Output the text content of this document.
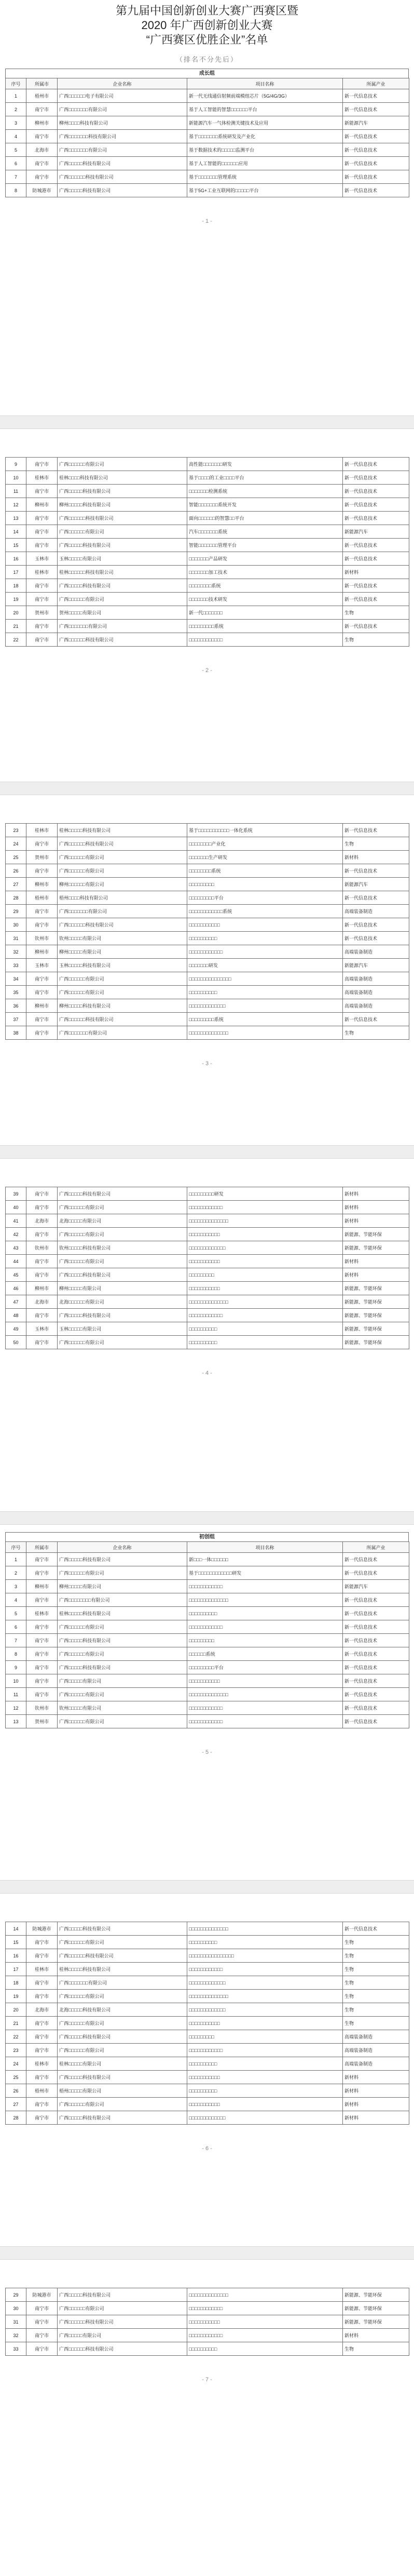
第九届中国创新创业大赛广西赛区暨
2020 年广西创新创业大赛
“广西赛区优胜企业”名单
（排名不分先后）
成长组
序号	所属市	企业名称	项目名称	所属产业
1	梧州市	广西□□□□□□电子有限公司	新一代无线通信射频前端模组芯片（5G/4G/3G）	新一代信息技术
2	南宁市	广西□□□□□□□有限公司	基于人工智能的智慧□□□□□□平台	新一代信息技术
3	柳州市	柳州□□□□科技有限公司	新能源汽车一气体检测关键技术及应用	新能源汽车
4	南宁市	广西□□□□□□□科技有限公司	基于□□□□□□□系统研发及产业化	新一代信息技术
5	北海市	广西□□□□□□□有限公司	基于数据技术的□□□□□监测平台	新一代信息技术
6	南宁市	广西□□□□□科技有限公司	基于人工智能的□□□□□□应用	新一代信息技术
7	南宁市	广西□□□□□□科技有限公司	基于□□□□□□□管理系统	新一代信息技术
8	防城港市	广西□□□□□科技有限公司	基于5G+工业互联网的□□□□□平台	新一代信息技术
- 1 -
9	南宁市	广西□□□□□□有限公司	高性能□□□□□□□研发	新一代信息技术
10	桂林市	桂林□□□□科技有限公司	基于□□□□的工业□□□□平台	新一代信息技术
11	南宁市	广西□□□□□科技有限公司	□□□□□□□检测系统	新一代信息技术
12	柳州市	柳州□□□□□科技有限公司	智能□□□□□□□系统开发	新一代信息技术
13	南宁市	广西□□□□□□科技有限公司	面向□□□□□□的智慧□□平台	新一代信息技术
14	南宁市	广西□□□□□□有限公司	汽车□□□□□□□系统	新能源汽车
15	南宁市	广西□□□□□科技有限公司	智能□□□□□□□管理平台	新一代信息技术
16	玉林市	玉林□□□□□有限公司	□□□□□□□产品研发	新一代信息技术
17	桂林市	桂林□□□□□□科技有限公司	□□□□□□□加工技术	新材料
18	南宁市	广西□□□□□科技有限公司	□□□□□□□□系统	新一代信息技术
19	南宁市	广西□□□□□□有限公司	□□□□□□□技术研发	新一代信息技术
20	贺州市	贺州□□□□□有限公司	新一代□□□□□□□	生物
21	南宁市	广西□□□□□□□有限公司	□□□□□□□□□系统	新一代信息技术
22	南宁市	广西□□□□□□科技有限公司	□□□□□□□□□□□□	生物
- 2 -
23	桂林市	桂林□□□□□科技有限公司	基于□□□□□□□□□□□一体化系统	新一代信息技术
24	南宁市	广西□□□□□□科技有限公司	□□□□□□□□产业化	生物
25	贺州市	广西□□□□□□有限公司	□□□□□□□生产研发	新材料
26	南宁市	广西□□□□□□有限公司	□□□□□□□□系统	新一代信息技术
27	柳州市	柳州□□□□□□有限公司	□□□□□□□□□	新能源汽车
28	梧州市	梧州□□□□科技有限公司	□□□□□□□□□平台	新一代信息技术
29	南宁市	广西□□□□□□□有限公司	□□□□□□□□□□□□系统	高端装备制造
30	南宁市	广西□□□□□□科技有限公司	□□□□□□□□□□□	新一代信息技术
31	钦州市	钦州□□□□□有限公司	□□□□□□□□□□	新一代信息技术
32	柳州市	柳州□□□□□有限公司	□□□□□□□□□□□□	高端装备制造
33	玉林市	玉林□□□□□科技有限公司	□□□□□□□研发	新能源汽车
34	南宁市	广西□□□□□□有限公司	□□□□□□□□□□□□□□□	高端装备制造
35	南宁市	广西□□□□□□有限公司	□□□□□□□□□□	高端装备制造
36	柳州市	柳州□□□□□科技有限公司	□□□□□□□□□□□□□	高端装备制造
37	南宁市	广西□□□□□□科技有限公司	□□□□□□□□□系统	新一代信息技术
38	南宁市	广西□□□□□□□有限公司	□□□□□□□□□□□□□□	生物
- 3 -
39	南宁市	广西□□□□□科技有限公司	□□□□□□□□□研发	新材料
40	南宁市	广西□□□□□□有限公司	□□□□□□□□□□□□	新材料
41	北海市	北海□□□□□有限公司	□□□□□□□□□□□□□□	新材料
42	南宁市	广西□□□□□□有限公司	□□□□□□□□□□□	新能源、节能环保
43	钦州市	钦州□□□□□科技有限公司	□□□□□□□□□□□□□	新能源、节能环保
44	南宁市	广西□□□□□□有限公司	□□□□□□□□□□□	新材料
45	南宁市	广西□□□□□科技有限公司	□□□□□□□□□	新材料
46	柳州市	柳州□□□□□有限公司	□□□□□□□□□□□	新能源、节能环保
47	北海市	北海□□□□□□有限公司	□□□□□□□□□□□□□□	新能源、节能环保
48	南宁市	广西□□□□□科技有限公司	□□□□□□□□□□□□	新能源、节能环保
49	玉林市	玉林□□□□□有限公司	□□□□□□□□□□	新能源、节能环保
50	南宁市	广西□□□□□□有限公司	□□□□□□□□□□	新能源、节能环保
- 4 -
初创组
序号	所属市	企业名称	项目名称	所属产业
1	南宁市	广西□□□□□科技有限公司	新□□□一体□□□□□□	新一代信息技术
2	南宁市	广西□□□□□□有限公司	基于□□□□□□□□□□□□研发	新一代信息技术
3	柳州市	柳州□□□□□有限公司	□□□□□□□□□□□□	新能源汽车
4	南宁市	广西□□□□□□□□有限公司	□□□□□□□□□□□□□□	新一代信息技术
5	桂林市	桂林□□□□□科技有限公司	□□□□□□□□□□	新一代信息技术
6	南宁市	广西□□□□□□有限公司	□□□□□□□□□□□□	新一代信息技术
7	南宁市	广西□□□□□科技有限公司	□□□□□□□□□	新一代信息技术
8	南宁市	广西□□□□□□有限公司	□□□□□□系统	新一代信息技术
9	南宁市	广西□□□□□科技有限公司	□□□□□□□□□平台	新一代信息技术
10	南宁市	广西□□□□□有限公司	□□□□□□□□□□□	新一代信息技术
11	南宁市	广西□□□□□□有限公司	□□□□□□□□□□□□□□	新一代信息技术
12	钦州市	钦州□□□□□有限公司	□□□□□□□□□□□□	新一代信息技术
13	贺州市	广西□□□□□□有限公司	□□□□□□□□□□□□	新一代信息技术
- 5 -
14	防城港市	广西□□□□□科技有限公司	□□□□□□□□□□□□□□	新一代信息技术
15	南宁市	广西□□□□□□有限公司	□□□□□□□□□□	生物
16	南宁市	广西□□□□□□科技有限公司	□□□□□□□□□□□□□□□□	生物
17	桂林市	桂林□□□□□科技有限公司	□□□□□□□□□□□□	生物
18	南宁市	广西□□□□□□□有限公司	□□□□□□□□□□□□□	生物
19	南宁市	广西□□□□□□有限公司	□□□□□□□□□□□□□□	生物
20	北海市	北海□□□□□科技有限公司	□□□□□□□□□□□□□	生物
21	南宁市	广西□□□□□□有限公司	□□□□□□□□□□□	生物
22	南宁市	广西□□□□□科技有限公司	□□□□□□□□□	高端装备制造
23	南宁市	广西□□□□□□有限公司	□□□□□□□□□□□□	高端装备制造
24	桂林市	桂林□□□□□有限公司	□□□□□□□□□□	高端装备制造
25	南宁市	广西□□□□□科技有限公司	□□□□□□□□□□□	新材料
26	梧州市	梧州□□□□□有限公司	□□□□□□□□□□	新材料
27	南宁市	广西□□□□□□有限公司	□□□□□□□□□□□	新材料
28	南宁市	广西□□□□□科技有限公司	□□□□□□□□□□□□□	新材料
- 6 -
29	防城港市	广西□□□□□科技有限公司	□□□□□□□□□□□□□□	新能源、节能环保
30	南宁市	广西□□□□□□有限公司	□□□□□□□□□□□□	新能源、节能环保
31	南宁市	广西□□□□□□科技有限公司	□□□□□□□□□□□	新能源、节能环保
32	南宁市	广西□□□□□有限公司	□□□□□□□□□□□□	新材料
33	南宁市	广西□□□□□□科技有限公司	□□□□□□□□□□	生物
- 7 -
